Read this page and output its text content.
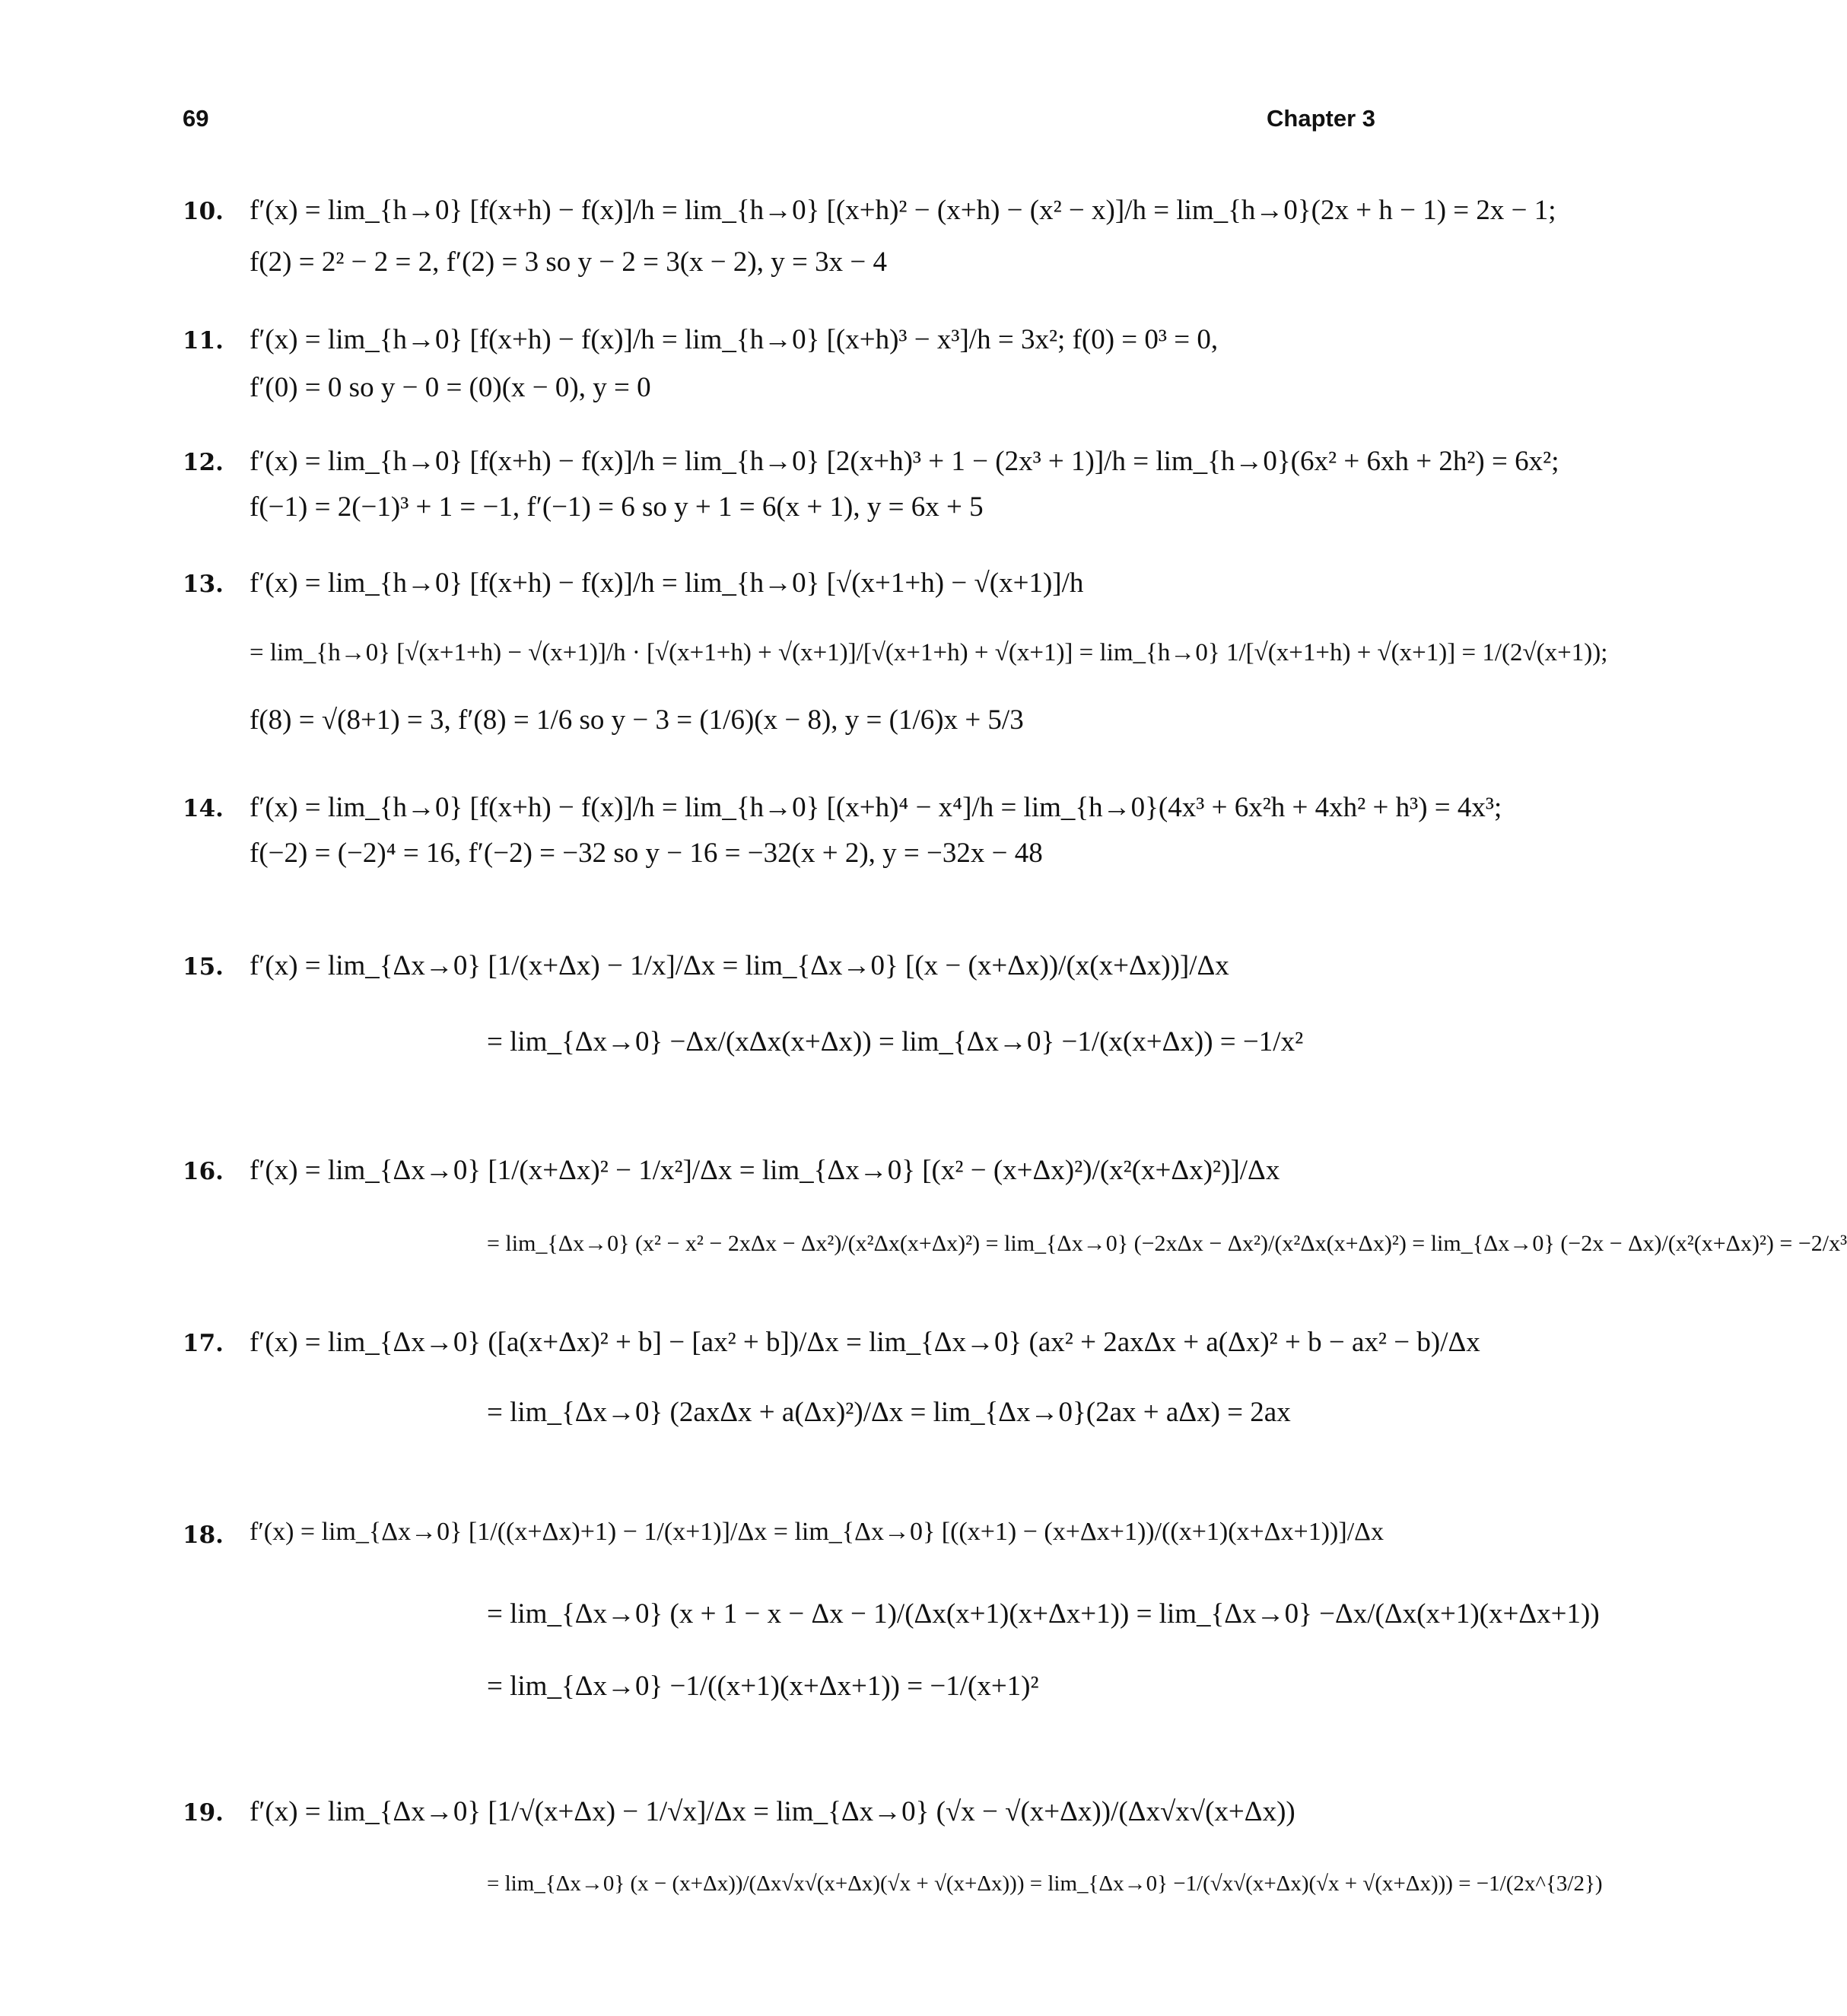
69	Chapter 3
10. f′(x) = lim_{h→0} [f(x+h) − f(x)]/h = lim_{h→0} [(x+h)² − (x+h) − (x² − x)]/h = lim_{h→0}(2x + h − 1) = 2x − 1;
f(2) = 2² − 2 = 2, f′(2) = 3 so y − 2 = 3(x − 2), y = 3x − 4
11. f′(x) = lim_{h→0} [f(x+h) − f(x)]/h = lim_{h→0} [(x+h)³ − x³]/h = 3x²; f(0) = 0³ = 0,
f′(0) = 0 so y − 0 = (0)(x − 0), y = 0
12. f′(x) = lim_{h→0} [f(x+h) − f(x)]/h = lim_{h→0} [2(x+h)³ + 1 − (2x³ + 1)]/h = lim_{h→0}(6x² + 6xh + 2h²) = 6x²;
f(−1) = 2(−1)³ + 1 = −1, f′(−1) = 6 so y + 1 = 6(x + 1), y = 6x + 5
13. f′(x) = lim_{h→0} [f(x+h) − f(x)]/h = lim_{h→0} [√(x+1+h) − √(x+1)]/h
= lim_{h→0} [√(x+1+h) − √(x+1)]/h · [√(x+1+h) + √(x+1)]/[√(x+1+h) + √(x+1)] = lim_{h→0} 1/[√(x+1+h) + √(x+1)] = 1/(2√(x+1));
f(8) = √(8+1) = 3, f′(8) = 1/6 so y − 3 = (1/6)(x − 8), y = (1/6)x + 5/3
14. f′(x) = lim_{h→0} [f(x+h) − f(x)]/h = lim_{h→0} [(x+h)⁴ − x⁴]/h = lim_{h→0}(4x³ + 6x²h + 4xh² + h³) = 4x³;
f(−2) = (−2)⁴ = 16, f′(−2) = −32 so y − 16 = −32(x + 2), y = −32x − 48
15. f′(x) = lim_{Δx→0} [1/(x+Δx) − 1/x]/Δx = lim_{Δx→0} [(x − (x+Δx))/(x(x+Δx))]/Δx
= lim_{Δx→0} −Δx/(xΔx(x+Δx)) = lim_{Δx→0} −1/(x(x+Δx)) = −1/x²
16. f′(x) = lim_{Δx→0} [1/(x+Δx)² − 1/x²]/Δx = lim_{Δx→0} [(x² − (x+Δx)²)/(x²(x+Δx)²)]/Δx
= lim_{Δx→0} (x² − x² − 2xΔx − Δx²)/(x²Δx(x+Δx)²) = lim_{Δx→0} (−2xΔx − Δx²)/(x²Δx(x+Δx)²) = lim_{Δx→0} (−2x − Δx)/(x²(x+Δx)²) = −2/x³
17. f′(x) = lim_{Δx→0} ([a(x+Δx)² + b] − [ax² + b])/Δx = lim_{Δx→0} (ax² + 2axΔx + a(Δx)² + b − ax² − b)/Δx
= lim_{Δx→0} (2axΔx + a(Δx)²)/Δx = lim_{Δx→0}(2ax + aΔx) = 2ax
18. f′(x) = lim_{Δx→0} [1/((x+Δx)+1) − 1/(x+1)]/Δx = lim_{Δx→0} [((x+1) − (x+Δx+1))/((x+1)(x+Δx+1))]/Δx
= lim_{Δx→0} (x + 1 − x − Δx − 1)/(Δx(x+1)(x+Δx+1)) = lim_{Δx→0} −Δx/(Δx(x+1)(x+Δx+1))
= lim_{Δx→0} −1/((x+1)(x+Δx+1)) = −1/(x+1)²
19. f′(x) = lim_{Δx→0} [1/√(x+Δx) − 1/√x]/Δx = lim_{Δx→0} (√x − √(x+Δx))/(Δx√x√(x+Δx))
= lim_{Δx→0} (x − (x+Δx))/(Δx√x√(x+Δx)(√x + √(x+Δx))) = lim_{Δx→0} −1/(√x√(x+Δx)(√x + √(x+Δx))) = −1/(2x^{3/2})
